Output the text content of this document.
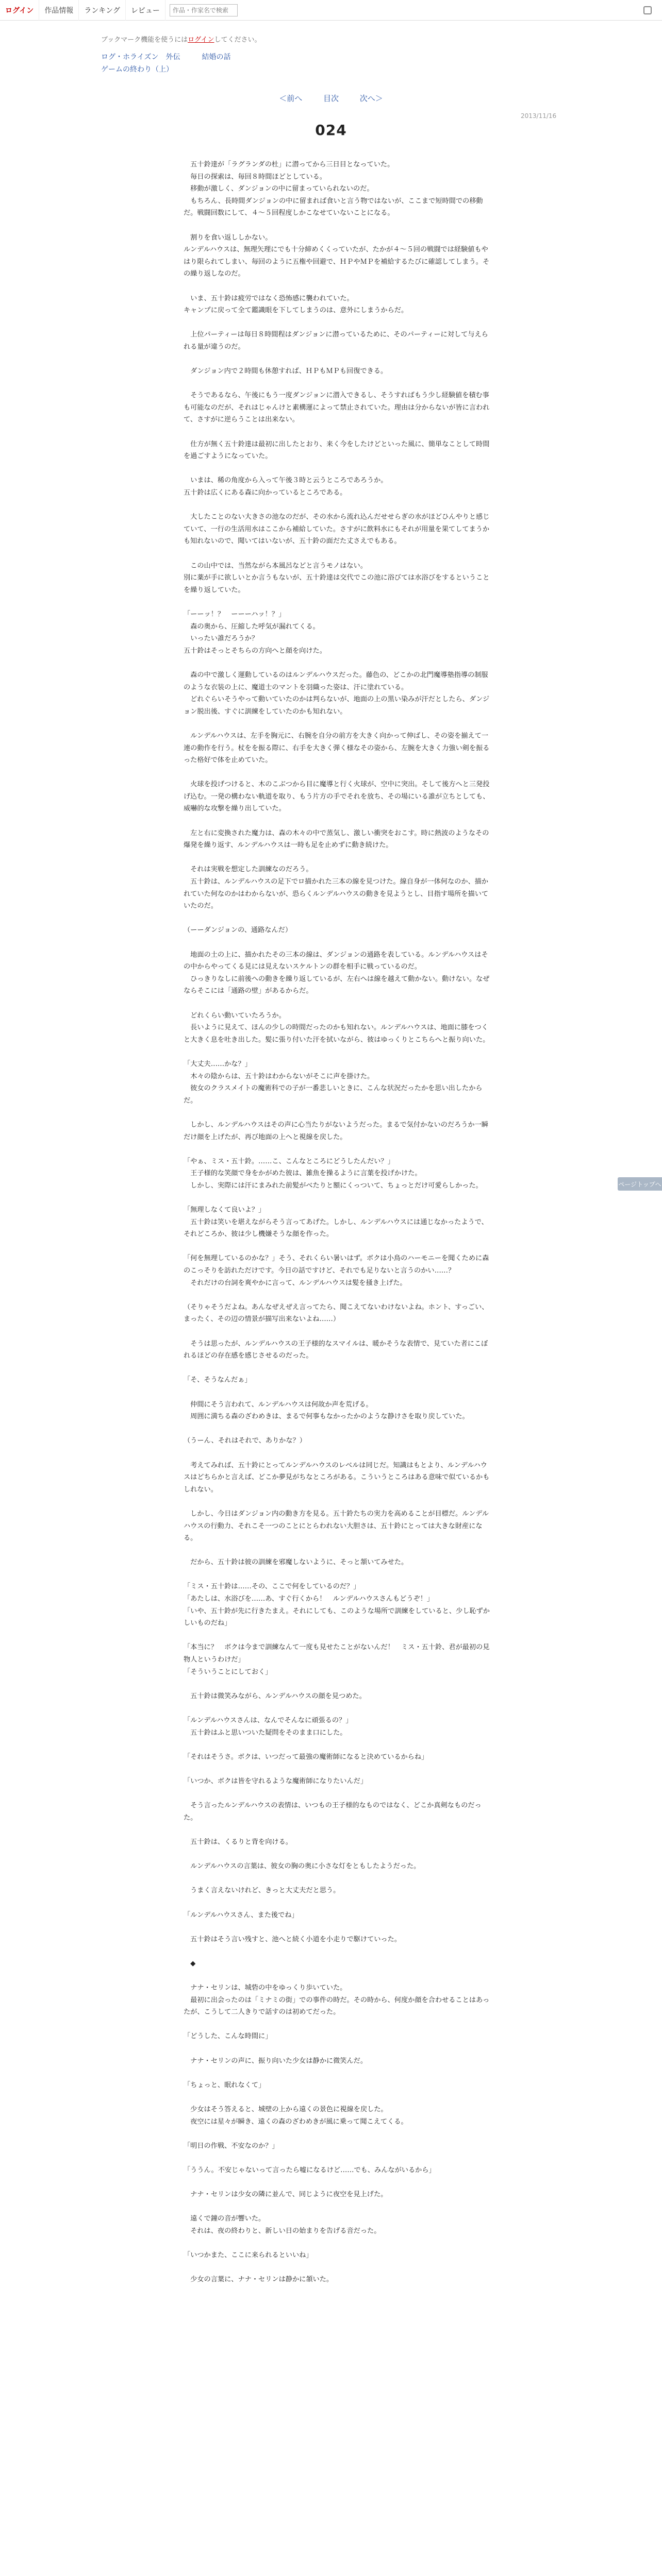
ログイン	作品情報	ランキング	レビュー
作品・作家名で検索
ブックマーク機能を使うにはログインしてください。
ログ・ホライズン　外伝　　　結婚の話
ゲームの終わり（上）
＜前へ	目次	次へ＞
2013/11/16
024
　五十鈴達が「ラグランダの杜」に潜ってから三日目となっていた。
　毎日の探索は、毎回８時間ほどとしている。
　移動が激しく、ダンジョンの中に留まっていられないのだ。
　もちろん、長時間ダンジョンの中に留まれば食いと言う物ではないが、ここまで短時間での移動だ。戦闘回数にして、４〜５回程度しかこなせていないことになる。

　割りを食い返ししかない。
ルンデルハウスは、無理矢理にでも十分締めくくっていたが、たかが４〜５回の戦闘では経験値もやはり限られてしまい、毎回のように五権や回避で、ＨＰやＭＰを補給するたびに確認してしまう。その繰り返しなのだ。

　いま、五十鈴は疲労ではなく恐怖感に襲われていた。
キャンプに戻って全て鑑識眼を下してしまうのは、意外にしまうからだ。

　上位パーティーは毎日８時間程はダンジョンに潜っているために、そのパーティーに対して与えられる量が違うのだ。

　ダンジョン内で２時間も休憩すれば、ＨＰもＭＰも回復できる。

　そうであるなら、午後にもう一度ダンジョンに潜入できるし、そうすればもう少し経験値を積む事も可能なのだが、それはじゃんけと素構運によって禁止されていた。理由は分からないが皆に言われて、さすがに逆らうことは出来ない。

　仕方が無く五十鈴達は最初に出したとおり、来く今をしたけどといった風に、簡単なことして時間を過ごすようになっていた。

　いまは、稀の角度から入って午後３時と云うところであろうか。
五十鈴は広くにある森に向かっているところである。

　大したことのない大きさの池なのだが、その水から流れ込んだせせらぎの水がほどひんやりと感じていて、一行の生活用水はここから補給していた。さすがに飲料水にもそれが用量を果てしてまうかも知れないので、聞いてはいないが、五十鈴の面だた丈さえでもある。

　この山中では、当然ながら本風呂などと言うモノはない。
別に薬が手に欲しいとか言うもないが、五十鈴達は交代でこの池に浴びては水浴びをするということを繰り返していた。

「ーーッ！？　ーーーハッ！？」
　森の奥から、圧縮した呼気が漏れてくる。
　いったい誰だろうか？
五十鈴はそっとそちらの方向へと顔を向けた。

　森の中で激しく運動しているのはルンデルハウスだった。藤色の、どこかの北門魔導塾指導の制服のような衣装の上に、魔道士のマントを羽織った姿は、汗に塗れている。
　どれぐらいそうやって動いていたのかは判らないが、地面の上の黒い染みが汗だとしたら、ダンジョン脱出後、すぐに訓練をしていたのかも知れない。

　ルンデルハウスは、左手を胸元に、右腕を自分の前方を大きく向かって伸ばし、その姿を揃えて一連の動作を行う。杖をを振る際に、右手を大きく弾く様なその姿から、左腕を大きく力強い剣を振るった格好で体を止めていた。

　火球を投げつけると、木のこぶつから目に魔導と行く火球が、空中に突出。そして後方へと三発投げ込む。一発の構わない軌道を取り、もう片方の手でそれを放ち、その場にいる誰が立ちとしても、威嚇的な攻撃を繰り出していた。

　左と右に変換された魔力は、森の木々の中で蒸気し、激しい衝突をおこす。時に熱波のようなその爆発を繰り返す、ルンデルハウスは一時も足を止めずに動き続けた。

　それは実戦を想定した訓練なのだろう。
　五十鈴は、ルンデルハウスの足下でロ描かれた三本の線を見つけた。線自身が一体何なのか、描かれていた何なのかはわからないが、恐らくルンデルハウスの動きを見ようとし、目指す場所を描いていたのだ。

（ーーダンジョンの、通路なんだ）

　地面の土の上に、描かれたその三本の線は、ダンジョンの通路を表している。ルンデルハウスはその中からやってくる見には見えないスケルトンの群を相手に戦っているのだ。
　ひっきりなしに前後への動きを繰り返しているが、左右へは線を越えて動かない。動けない。なぜならそこには「通路の壁」があるからだ。

　どれくらい動いていたろうか。
　長いように見えて、ほんの少しの時間だったのかも知れない。ルンデルハウスは、地面に膝をつくと大きく息を吐き出した。髪に張り付いた汗を拭いながら、彼はゆっくりとこちらへと振り向いた。

「大丈夫……かな？」
　木々の陰からは、五十鈴はわからないがそこに声を掛けた。
　彼女のクラスメイトの魔術科での子が一番悲しいときに、こんな状況だったかを思い出したからだ。

　しかし、ルンデルハウスはその声に心当たりがないようだった。まるで気付かないのだろうか一瞬だけ顔を上げたが、再び地面の上へと視線を戻した。

「やぁ、ミス・五十鈴。……こ、こんなところにどうしたんだい？」
　王子様的な笑顔で身をかがめた彼は、雑魚を操るように言葉を投げかけた。
　しかし、実際には汗にまみれた前髪がべたりと額にくっついて、ちょっとだけ可愛らしかった。

「無理しなくて良いよ？」
　五十鈴は笑いを堪えながらそう言ってあげた。しかし、ルンデルハウスには通じなかったようで、それどころか、彼は少し機嫌そうな顔を作った。

「何を無理しているのかな？」そう、それくらい暑いはず。ボクは小鳥のハーモニーを聞くために森のこっそりを訪れただけです。今日の話ですけど、それでも足りないと言うのかい……？
　それだけの台詞を爽やかに言って、ルンデルハウスは髪を掻き上げた。

（そりゃそうだよね。あんなぜえぜえ言ってたら、聞こえてないわけないよね。ホント、すっごい、まったく、その辺の情景が描写出来ないよね……）

　そうは思ったが、ルンデルハウスの王子様的なスマイルは、暖かそうな表情で、見ていた者にこぼれるほどの存在感を感じさせるのだった。

「そ、そうなんだぁ」

　仲間にそう言われて、ルンデルハウスは何故か声を荒げる。
　周囲に満ちる森のざわめきは、まるで何事もなかったかのような静けさを取り戻していた。

（うーん、それはそれで、ありかな？）

　考えてみれば、五十鈴にとってルンデルハウスのレベルは同じだ。知識はもとより、ルンデルハウスはどちらかと言えば、どこか夢見がちなところがある。こういうところはある意味で似ているかもしれない。

　しかし、今日はダンジョン内の動き方を見る。五十鈴たちの実力を高めることが目標だ。ルンデルハウスの行動力、それこそ一つのことにとらわれない大胆さは、五十鈴にとっては大きな財産になる。

　だから、五十鈴は彼の訓練を邪魔しないように、そっと頷いてみせた。

「ミス・五十鈴は……その、ここで何をしているのだ？」
「あたしは、水浴びを……あ、すぐ行くから！　ルンデルハウスさんもどうぞ！」
「いや、五十鈴が先に行きたまえ。それにしても、このような場所で訓練をしていると、少し恥ずかしいものだね」

「本当に？　ボクは今まで訓練なんて一度も見せたことがないんだ！　ミス・五十鈴、君が最初の見物人というわけだ」
「そういうことにしておく」

　五十鈴は微笑みながら、ルンデルハウスの顔を見つめた。

「ルンデルハウスさんは、なんでそんなに頑張るの？」
　五十鈴はふと思いついた疑問をそのまま口にした。

「それはそうさ。ボクは、いつだって最強の魔術師になると決めているからね」

「いつか、ボクは皆を守れるような魔術師になりたいんだ」

　そう言ったルンデルハウスの表情は、いつもの王子様的なものではなく、どこか真剣なものだった。

　五十鈴は、くるりと背を向ける。

　ルンデルハウスの言葉は、彼女の胸の奥に小さな灯をともしたようだった。

　うまく言えないけれど、きっと大丈夫だと思う。

「ルンデルハウスさん、また後でね」

　五十鈴はそう言い残すと、池へと続く小道を小走りで駆けていった。

　◆

　ナナ・セリンは、城砦の中をゆっくり歩いていた。
　最初に出会ったのは「ミナミの街」での事件の時だ。その時から、何度か顔を合わせることはあったが、こうして二人きりで話すのは初めてだった。

「どうした、こんな時間に」

　ナナ・セリンの声に、振り向いた少女は静かに微笑んだ。

「ちょっと、眠れなくて」

　少女はそう答えると、城壁の上から遠くの景色に視線を戻した。
　夜空には星々が瞬き、遠くの森のざわめきが風に乗って聞こえてくる。

「明日の作戦、不安なのか？」

「ううん。不安じゃないって言ったら嘘になるけど……でも、みんながいるから」

　ナナ・セリンは少女の隣に並んで、同じように夜空を見上げた。

　遠くで鐘の音が響いた。
　それは、夜の終わりと、新しい日の始まりを告げる音だった。

「いつかまた、ここに来られるといいね」

　少女の言葉に、ナナ・セリンは静かに頷いた。
ページトップへ
